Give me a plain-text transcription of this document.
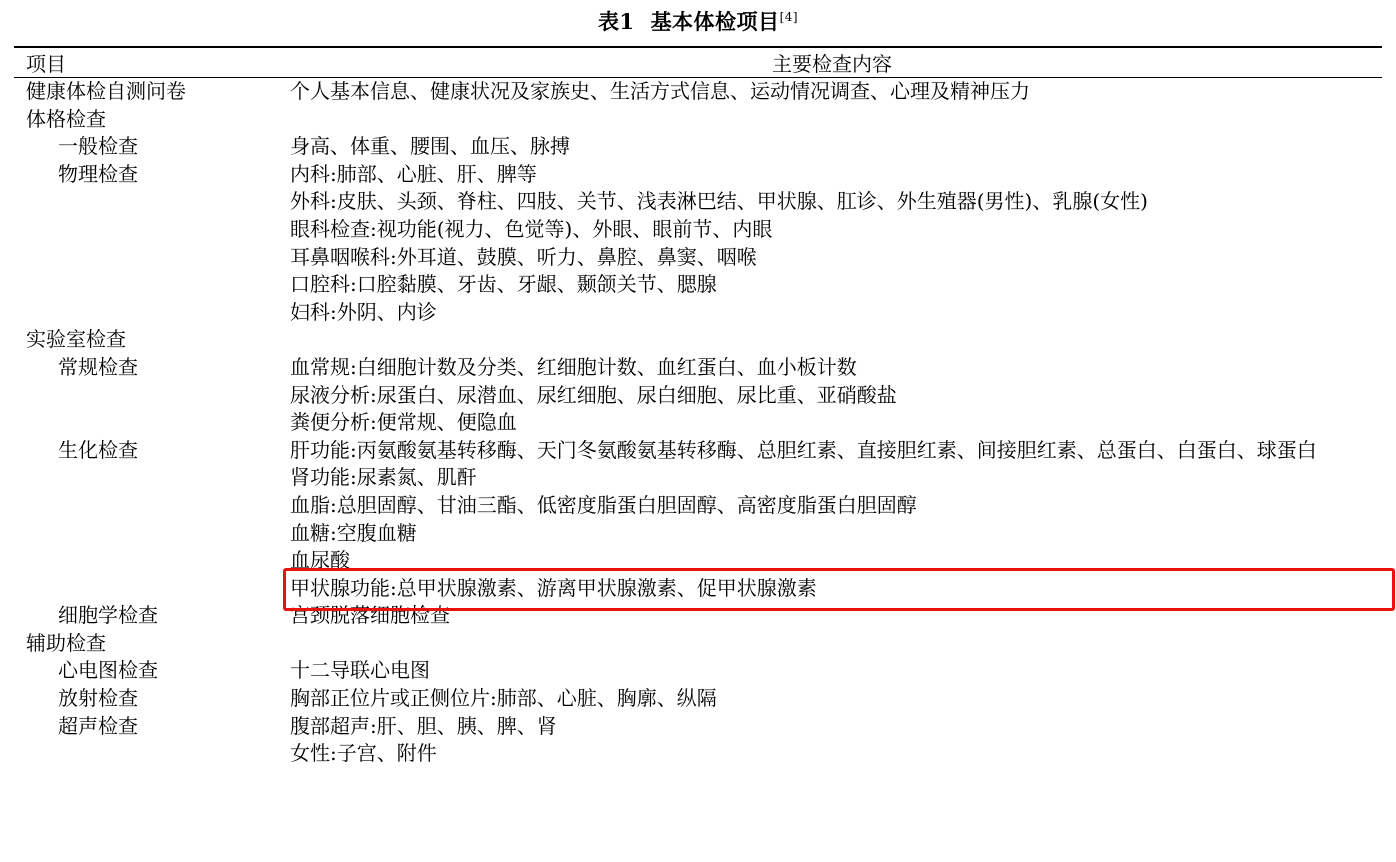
表1 基本体检项目[4]
项目	主要检查内容
健康体检自测问卷	个人基本信息、健康状况及家族史、生活方式信息、运动情况调查、心理及精神压力

体格检查	

一般检查	身高、体重、腰围、血压、脉搏

物理检查	内科:肺部、心脏、肝、脾等
外科:皮肤、头颈、脊柱、四肢、关节、浅表淋巴结、甲状腺、肛诊、外生殖器(男性)、乳腺(女性)
眼科检查:视功能(视力、色觉等)、外眼、眼前节、内眼
耳鼻咽喉科:外耳道、鼓膜、听力、鼻腔、鼻窦、咽喉
口腔科:口腔黏膜、牙齿、牙龈、颞颌关节、腮腺
妇科:外阴、内诊

实验室检查	

常规检查	血常规:白细胞计数及分类、红细胞计数、血红蛋白、血小板计数
尿液分析:尿蛋白、尿潜血、尿红细胞、尿白细胞、尿比重、亚硝酸盐
粪便分析:便常规、便隐血

生化检查	肝功能:丙氨酸氨基转移酶、天门冬氨酸氨基转移酶、总胆红素、直接胆红素、间接胆红素、总蛋白、白蛋白、球蛋白
肾功能:尿素氮、肌酐
血脂:总胆固醇、甘油三酯、低密度脂蛋白胆固醇、高密度脂蛋白胆固醇
血糖:空腹血糖
血尿酸
甲状腺功能:总甲状腺激素、游离甲状腺激素、促甲状腺激素

细胞学检查	宫颈脱落细胞检查

辅助检查	

心电图检查	十二导联心电图

放射检查	胸部正位片或正侧位片:肺部、心脏、胸廓、纵隔

超声检查	腹部超声:肝、胆、胰、脾、肾
女性:子宫、附件
